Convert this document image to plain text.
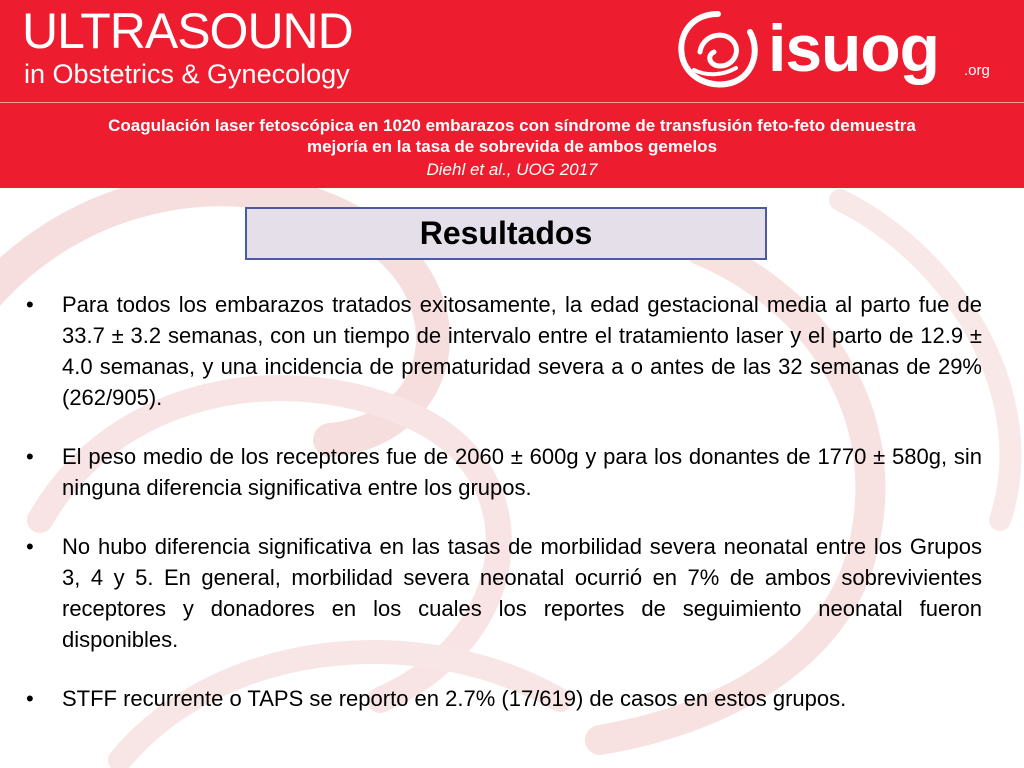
ULTRASOUND
in Obstetrics & Gynecology	isuog .org
Coagulación laser fetoscópica en 1020 embarazos con síndrome de transfusión feto-feto demuestra
mejoría en la tasa de sobrevida de ambos gemelos
Diehl et al., UOG 2017
Resultados
• Para todos los embarazos tratados exitosamente, la edad gestacional media al parto fue de 33.7 ± 3.2 semanas, con un tiempo de intervalo entre el tratamiento laser y el parto de 12.9 ± 4.0 semanas, y una incidencia de prematuridad severa a o antes de las 32 semanas de 29% (262/905).
• El peso medio de los receptores fue de 2060 ± 600g y para los donantes de 1770 ± 580g, sin ninguna diferencia significativa entre los grupos.
• No hubo diferencia significativa en las tasas de morbilidad severa neonatal entre los Grupos 3, 4 y 5. En general, morbilidad severa neonatal ocurrió en 7% de ambos sobrevivientes receptores y donadores en los cuales los reportes de seguimiento neonatal fueron disponibles.
• STFF recurrente o TAPS se reporto en 2.7% (17/619) de casos en estos grupos.
